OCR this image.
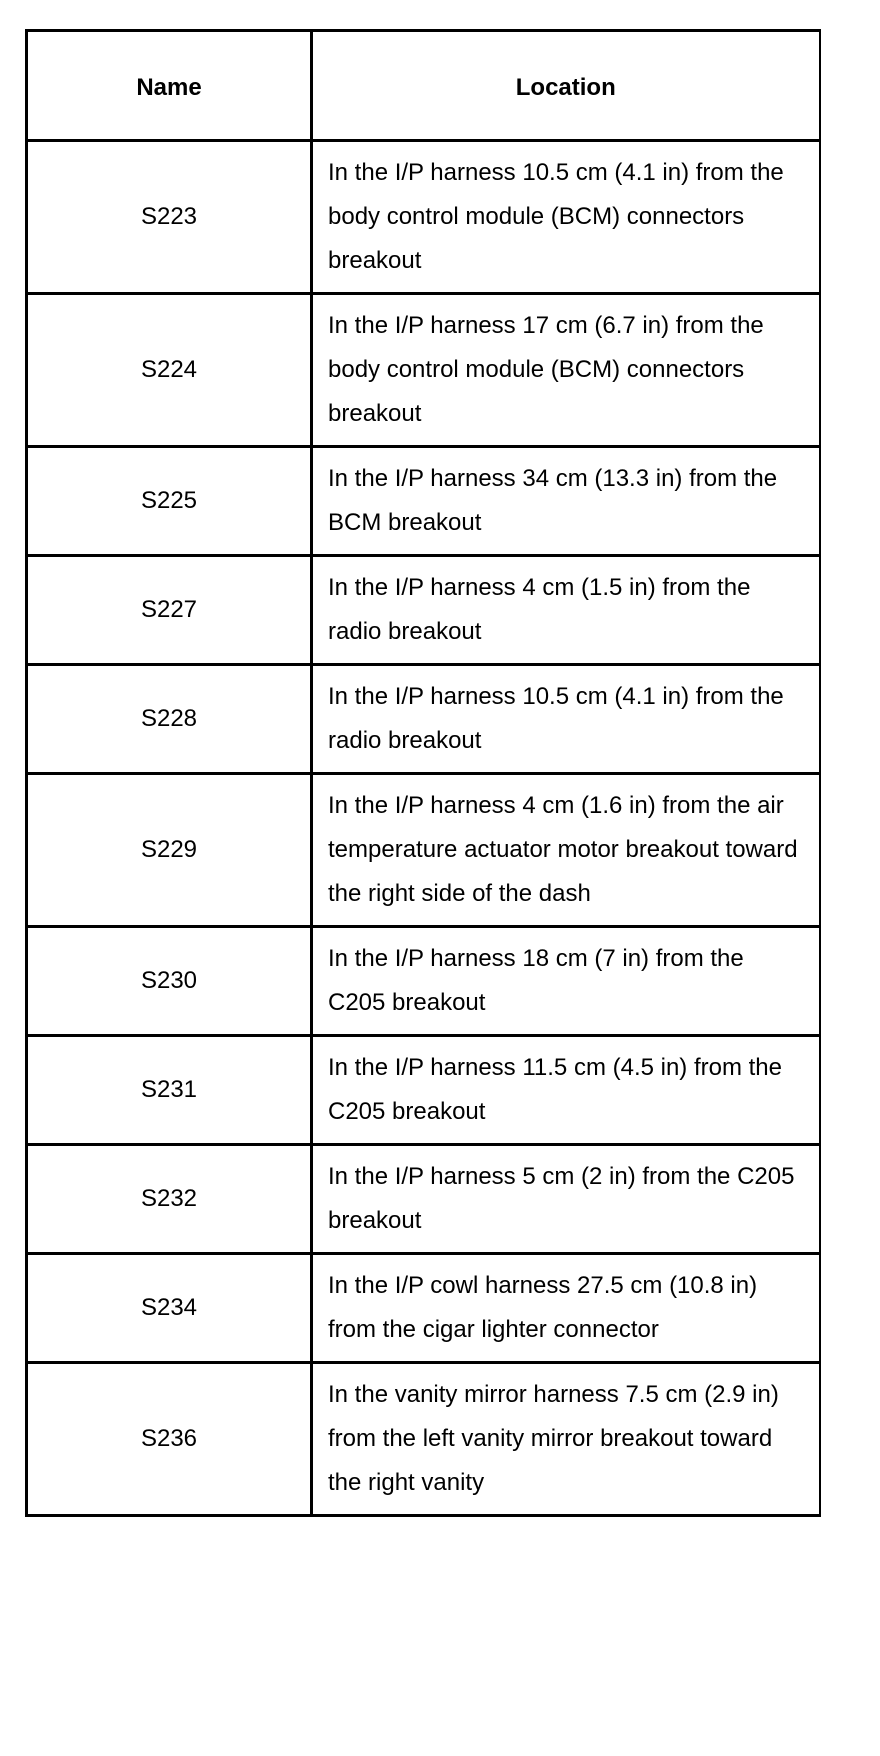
Name	Location
S223	In the I/P harness 10.5 cm (4.1 in) from the body control module (BCM) connectors breakout
S224	In the I/P harness 17 cm (6.7 in) from the body control module (BCM) connectors breakout
S225	In the I/P harness 34 cm (13.3 in) from the BCM breakout
S227	In the I/P harness 4 cm (1.5 in) from the radio breakout
S228	In the I/P harness 10.5 cm (4.1 in) from the radio breakout
S229	In the I/P harness 4 cm (1.6 in) from the air temperature actuator motor breakout toward the right side of the dash
S230	In the I/P harness 18 cm (7 in) from the C205 breakout
S231	In the I/P harness 11.5 cm (4.5 in) from the C205 breakout
S232	In the I/P harness 5 cm (2 in) from the C205 breakout
S234	In the I/P cowl harness 27.5 cm (10.8 in) from the cigar lighter connector
S236	In the vanity mirror harness 7.5 cm (2.9 in) from the left vanity mirror breakout toward the right vanity
